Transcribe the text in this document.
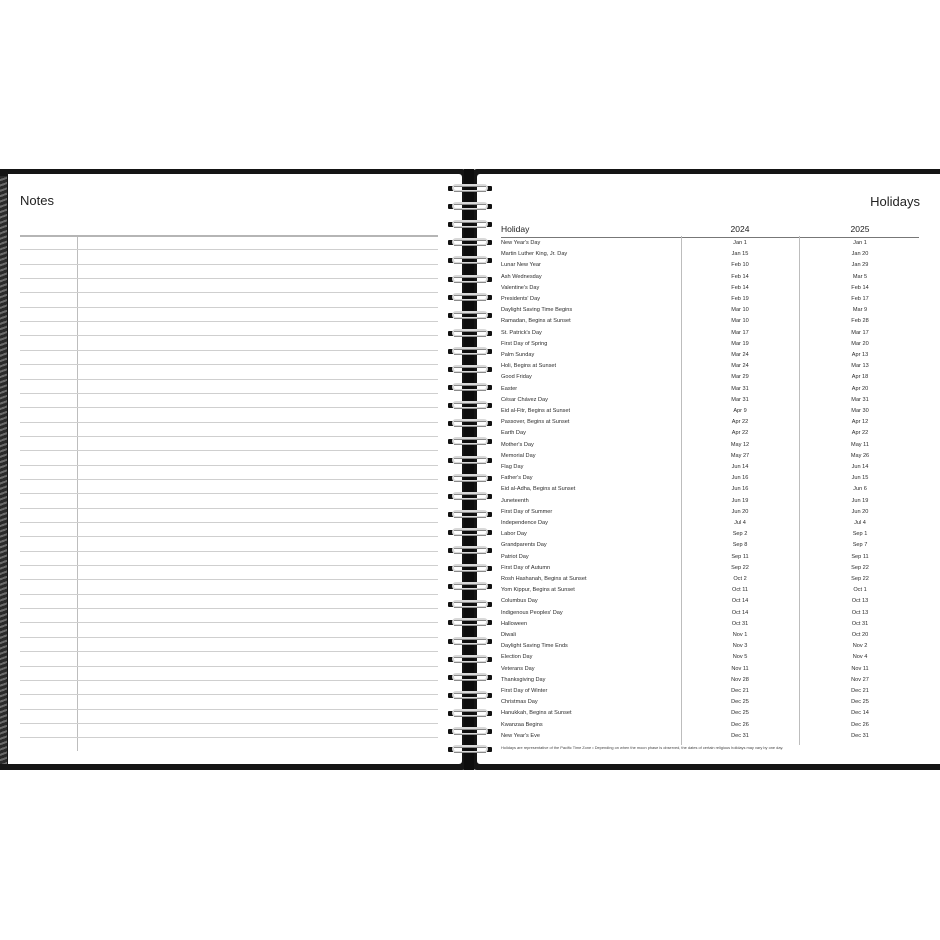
Notes	Holidays
Holiday	2024	2025
New Year's Day	Jan 1	Jan 1
Martin Luther King, Jr. Day	Jan 15	Jan 20
Lunar New Year	Feb 10	Jan 29
Ash Wednesday	Feb 14	Mar 5
Valentine's Day	Feb 14	Feb 14
Presidents' Day	Feb 19	Feb 17
Daylight Saving Time Begins	Mar 10	Mar 9
Ramadan, Begins at Sunset	Mar 10	Feb 28
St. Patrick's Day	Mar 17	Mar 17
First Day of Spring	Mar 19	Mar 20
Palm Sunday	Mar 24	Apr 13
Holi, Begins at Sunset	Mar 24	Mar 13
Good Friday	Mar 29	Apr 18
Easter	Mar 31	Apr 20
César Chávez Day	Mar 31	Mar 31
Eid al-Fitr, Begins at Sunset	Apr 9	Mar 30
Passover, Begins at Sunset	Apr 22	Apr 12
Earth Day	Apr 22	Apr 22
Mother's Day	May 12	May 11
Memorial Day	May 27	May 26
Flag Day	Jun 14	Jun 14
Father's Day	Jun 16	Jun 15
Eid al-Adha, Begins at Sunset	Jun 16	Jun 6
Juneteenth	Jun 19	Jun 19
First Day of Summer	Jun 20	Jun 20
Independence Day	Jul 4	Jul 4
Labor Day	Sep 2	Sep 1
Grandparents Day	Sep 8	Sep 7
Patriot Day	Sep 11	Sep 11
First Day of Autumn	Sep 22	Sep 22
Rosh Hashanah, Begins at Sunset	Oct 2	Sep 22
Yom Kippur, Begins at Sunset	Oct 11	Oct 1
Columbus Day	Oct 14	Oct 13
Indigenous Peoples' Day	Oct 14	Oct 13
Halloween	Oct 31	Oct 31
Diwali	Nov 1	Oct 20
Daylight Saving Time Ends	Nov 3	Nov 2
Election Day	Nov 5	Nov 4
Veterans Day	Nov 11	Nov 11
Thanksgiving Day	Nov 28	Nov 27
First Day of Winter	Dec 21	Dec 21
Christmas Day	Dec 25	Dec 25
Hanukkah, Begins at Sunset	Dec 25	Dec 14
Kwanzaa Begins	Dec 26	Dec 26
New Year's Eve	Dec 31	Dec 31
Holidays are representative of the Pacific Time Zone • Depending on when the moon phase is observed, the dates of certain religious holidays may vary by one day.
